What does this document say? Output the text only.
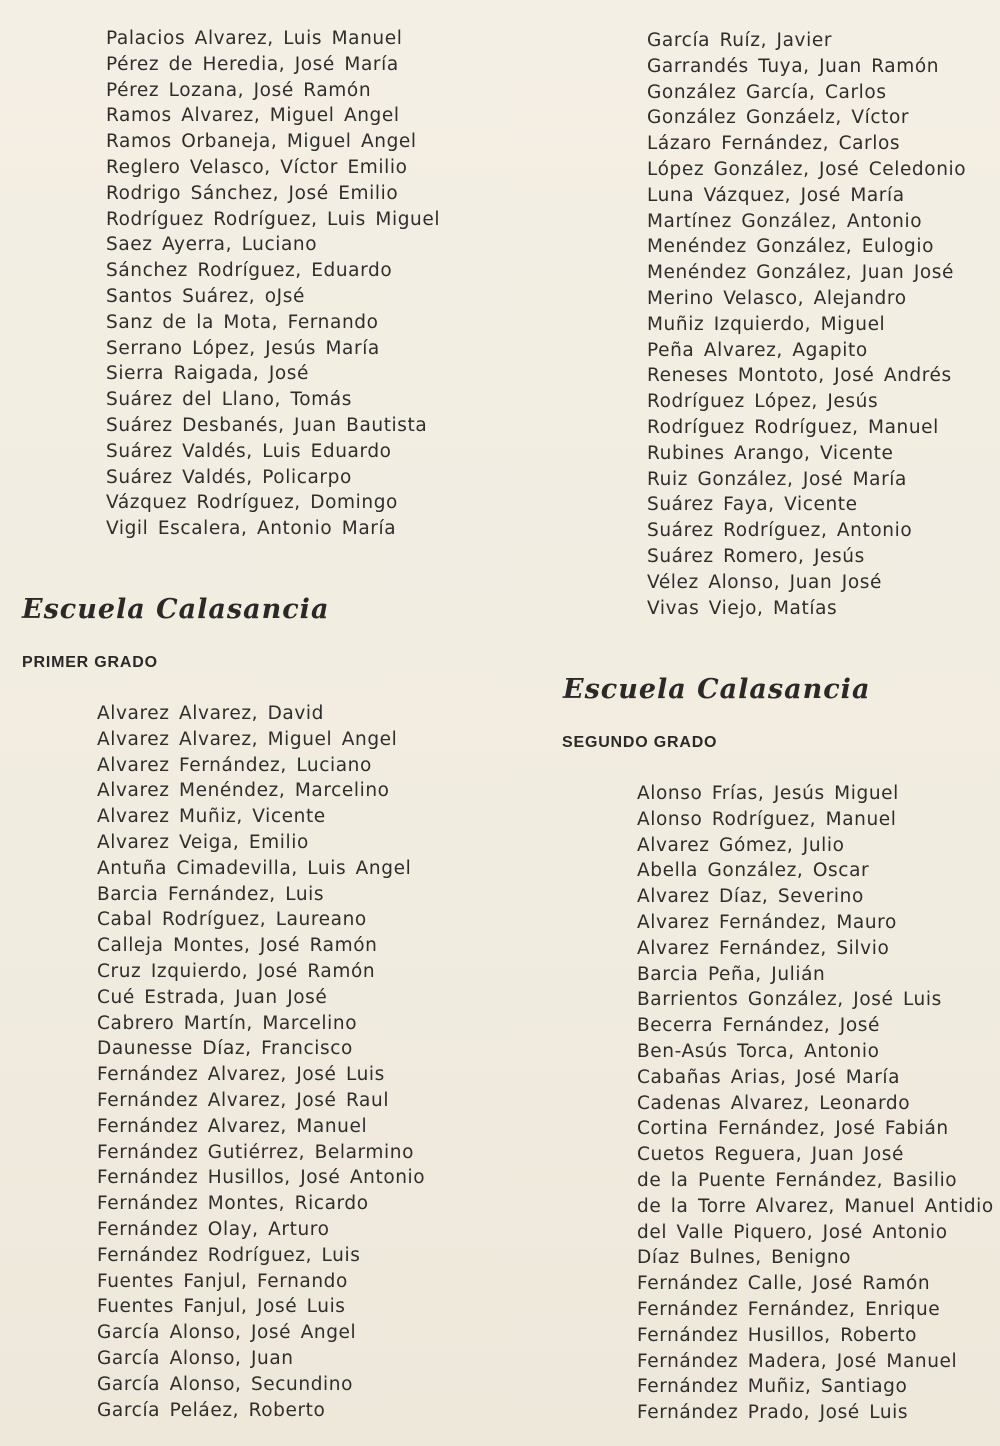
Palacios Alvarez, Luis Manuel
Pérez de Heredia, José María
Pérez Lozana, José Ramón
Ramos Alvarez, Miguel Angel
Ramos Orbaneja, Miguel Angel
Reglero Velasco, Víctor Emilio
Rodrigo Sánchez, José Emilio
Rodríguez Rodríguez, Luis Miguel
Saez Ayerra, Luciano
Sánchez Rodríguez, Eduardo
Santos Suárez, oJsé
Sanz de la Mota, Fernando
Serrano López, Jesús María
Sierra Raigada, José
Suárez del Llano, Tomás
Suárez Desbanés, Juan Bautista
Suárez Valdés, Luis Eduardo
Suárez Valdés, Policarpo
Vázquez Rodríguez, Domingo
Vigil Escalera, Antonio María
Escuela Calasancia
PRIMER GRADO
Alvarez Alvarez, David
Alvarez Alvarez, Miguel Angel
Alvarez Fernández, Luciano
Alvarez Menéndez, Marcelino
Alvarez Muñiz, Vicente
Alvarez Veiga, Emilio
Antuña Cimadevilla, Luis Angel
Barcia Fernández, Luis
Cabal Rodríguez, Laureano
Calleja Montes, José Ramón
Cruz Izquierdo, José Ramón
Cué Estrada, Juan José
Cabrero Martín, Marcelino
Daunesse Díaz, Francisco
Fernández Alvarez, José Luis
Fernández Alvarez, José Raul
Fernández Alvarez, Manuel
Fernández Gutiérrez, Belarmino
Fernández Husillos, José Antonio
Fernández Montes, Ricardo
Fernández Olay, Arturo
Fernández Rodríguez, Luis
Fuentes Fanjul, Fernando
Fuentes Fanjul, José Luis
García Alonso, José Angel
García Alonso, Juan
García Alonso, Secundino
García Peláez, Roberto
García Ruíz, Javier
Garrandés Tuya, Juan Ramón
González García, Carlos
González Gonzáelz, Víctor
Lázaro Fernández, Carlos
López González, José Celedonio
Luna Vázquez, José María
Martínez González, Antonio
Menéndez González, Eulogio
Menéndez González, Juan José
Merino Velasco, Alejandro
Muñiz Izquierdo, Miguel
Peña Alvarez, Agapito
Reneses Montoto, José Andrés
Rodríguez López, Jesús
Rodríguez Rodríguez, Manuel
Rubines Arango, Vicente
Ruiz González, José María
Suárez Faya, Vicente
Suárez Rodríguez, Antonio
Suárez Romero, Jesús
Vélez Alonso, Juan José
Vivas Viejo, Matías
Escuela Calasancia
SEGUNDO GRADO
Alonso Frías, Jesús Miguel
Alonso Rodríguez, Manuel
Alvarez Gómez, Julio
Abella González, Oscar
Alvarez Díaz, Severino
Alvarez Fernández, Mauro
Alvarez Fernández, Silvio
Barcia Peña, Julián
Barrientos González, José Luis
Becerra Fernández, José
Ben-Asús Torca, Antonio
Cabañas Arias, José María
Cadenas Alvarez, Leonardo
Cortina Fernández, José Fabián
Cuetos Reguera, Juan José
de la Puente Fernández, Basilio
de la Torre Alvarez, Manuel Antidio
del Valle Piquero, José Antonio
Díaz Bulnes, Benigno
Fernández Calle, José Ramón
Fernández Fernández, Enrique
Fernández Husillos, Roberto
Fernández Madera, José Manuel
Fernández Muñiz, Santiago
Fernández Prado, José Luis
